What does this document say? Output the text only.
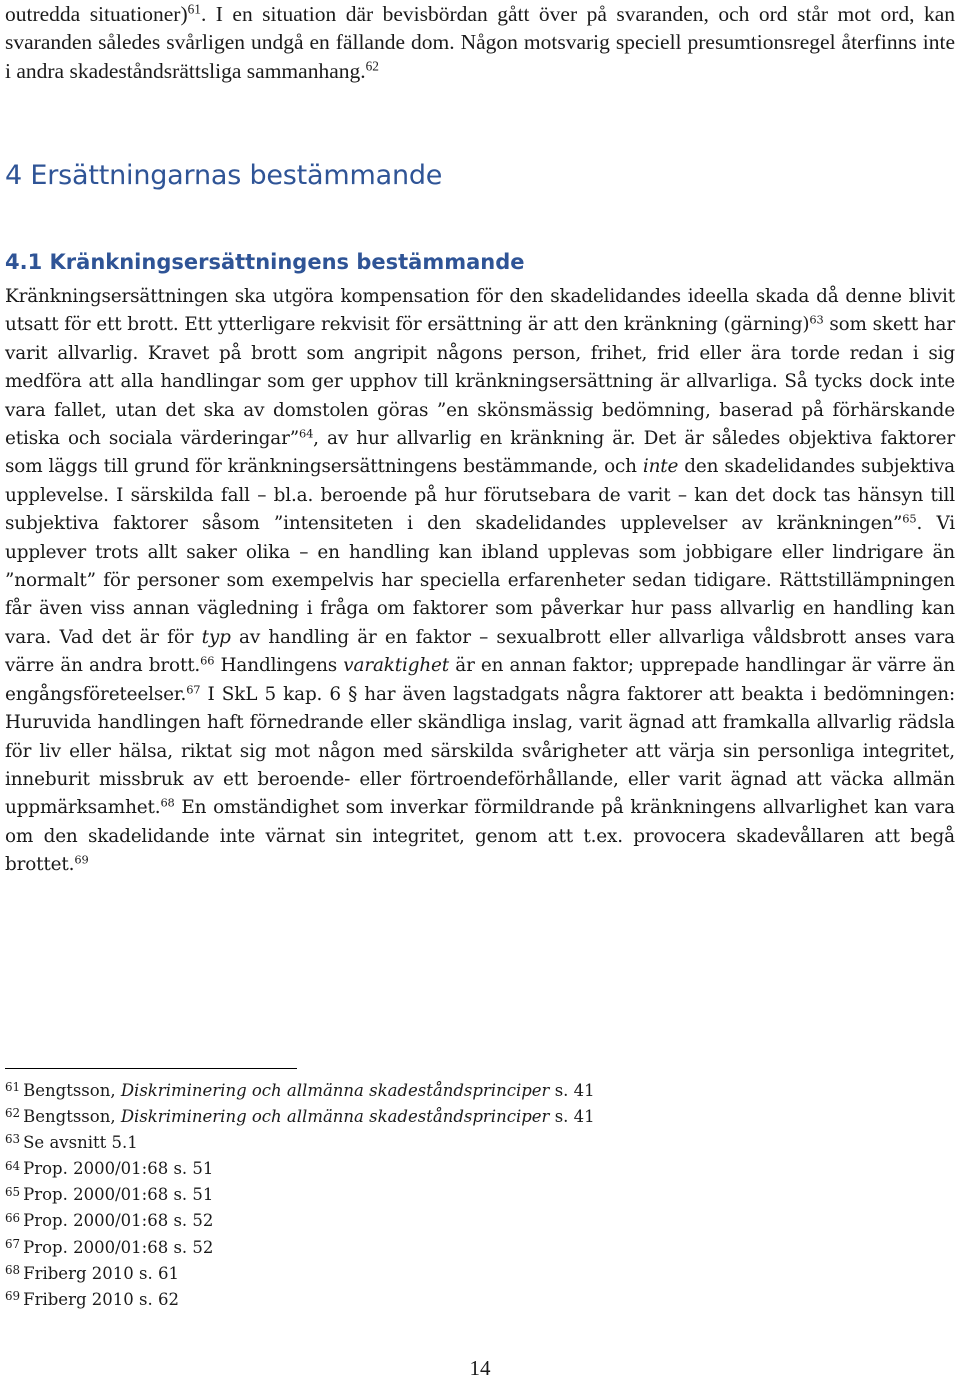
outredda situationer)$^{61}$. I en situation där bevisbördan gått över på svaranden, och ord står mot ord, kan svaranden således svårligen undgå en fällande dom. Någon motsvarig speciell presumtionsregel återfinns inte i andra skadeståndsrättsliga sammanhang.$^{62}$

4 Ersättningarnas bestämmande
4.1 Kränkningsersättningens bestämmande

Kränkningsersättningen ska utgöra kompensation för den skadelidandes ideella skada då denne blivit utsatt för ett brott. Ett ytterligare rekvisit för ersättning är att den kränkning (gärning)$^{63}$ som skett har varit allvarlig. Kravet på brott som angripit någons person, frihet, frid eller ära torde redan i sig medföra att alla handlingar som ger upphov till kränkningsersättning är allvarliga. Så tycks dock inte vara fallet, utan det ska av domstolen göras ”en skönsmässig bedömning, baserad på förhärskande etiska och sociala värderingar”$^{64}$, av hur allvarlig en kränkning är. Det är således objektiva faktorer som läggs till grund för kränkningsersättningens bestämmande, och inte den skadelidandes subjektiva upplevelse. I särskilda fall – bl.a. beroende på hur förutsebara de varit – kan det dock tas hänsyn till subjektiva faktorer såsom ”intensiteten i den skadelidandes upplevelser av kränkningen”$^{65}$. Vi upplever trots allt saker olika – en handling kan ibland upplevas som jobbigare eller lindrigare än ”normalt” för personer som exempelvis har speciella erfarenheter sedan tidigare. Rättstillämpningen får även viss annan vägledning i fråga om faktorer som påverkar hur pass allvarlig en handling kan vara. Vad det är för typ av handling är en faktor – sexualbrott eller allvarliga våldsbrott anses vara värre än andra brott.$^{66}$ Handlingens varaktighet är en annan faktor; upprepade handlingar är värre än engångsföreteelser.$^{67}$ I SkL 5 kap. 6 § har även lagstadgats några faktorer att beakta i bedömningen: Huruvida handlingen haft förnedrande eller skändliga inslag, varit ägnad att framkalla allvarlig rädsla för liv eller hälsa, riktat sig mot någon med särskilda svårigheter att värja sin personliga integritet, inneburit missbruk av ett beroende- eller förtroendeförhållande, eller varit ägnad att väcka allmän uppmärksamhet.$^{68}$ En omständighet som inverkar förmildrande på kränkningens allvarlighet kan vara om den skadelidande inte värnat sin integritet, genom att t.ex. provocera skadevållaren att begå brottet.$^{69}$

$^{61}$ Bengtsson, Diskriminering och allmänna skadeståndsprinciper s. 41
$^{62}$ Bengtsson, Diskriminering och allmänna skadeståndsprinciper s. 41
$^{63}$ Se avsnitt 5.1
$^{64}$ Prop. 2000/01:68 s. 51
$^{65}$ Prop. 2000/01:68 s. 51
$^{66}$ Prop. 2000/01:68 s. 52
$^{67}$ Prop. 2000/01:68 s. 52
$^{68}$ Friberg 2010 s. 61
$^{69}$ Friberg 2010 s. 62
14
